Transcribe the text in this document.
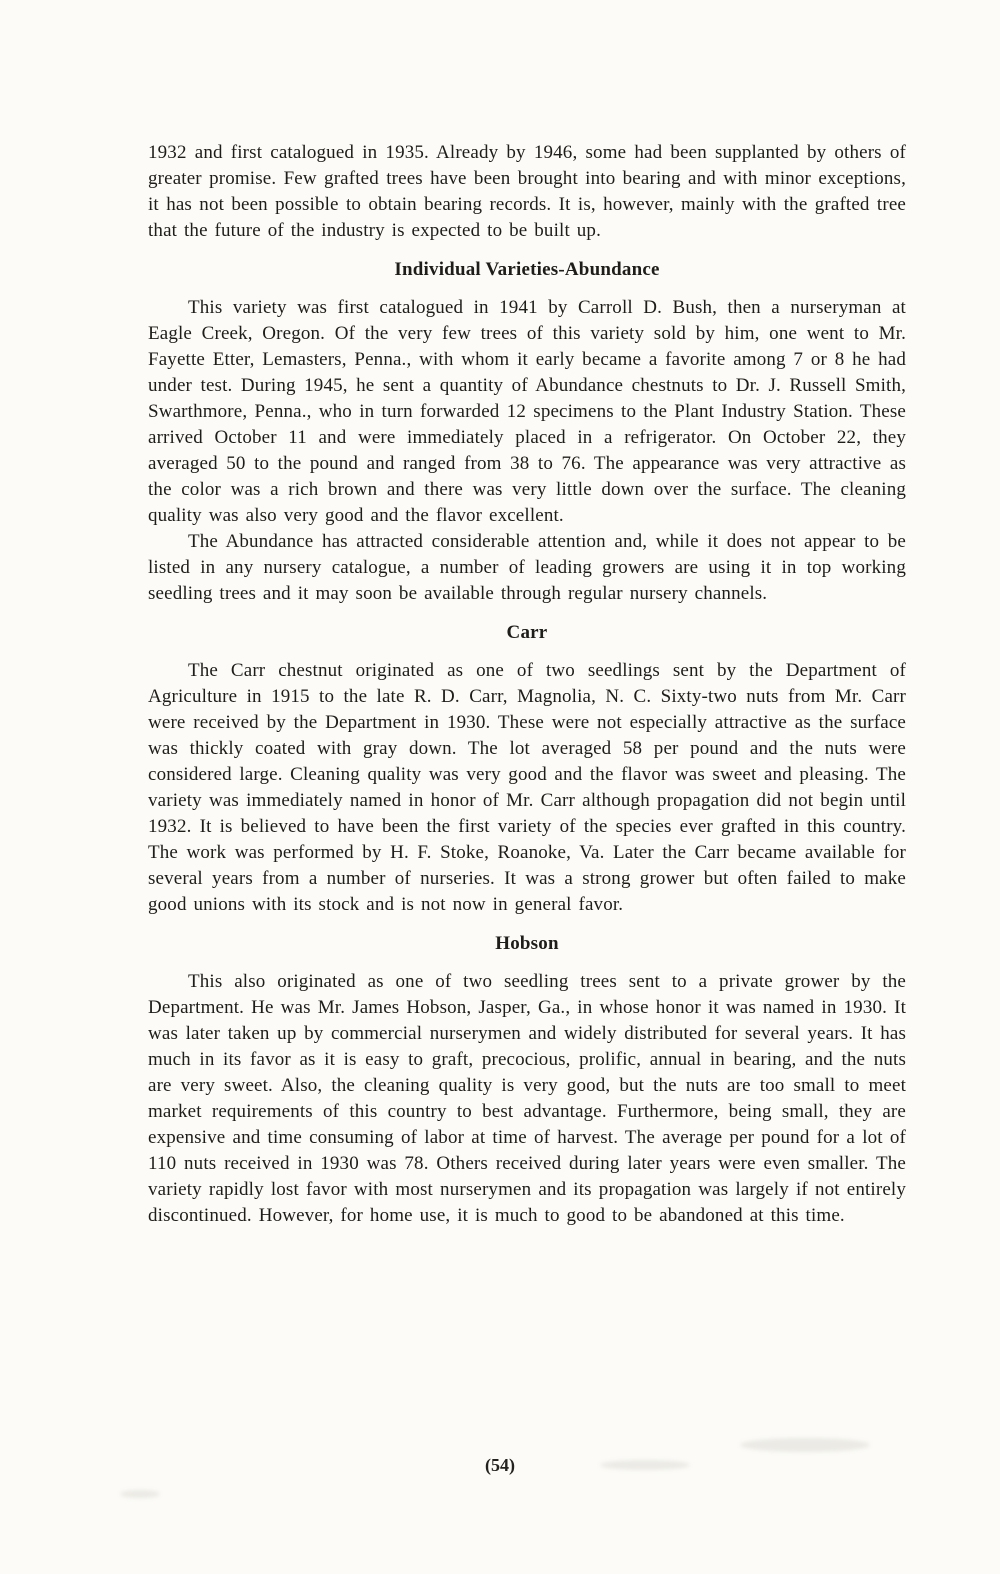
1932 and first catalogued in 1935. Already by 1946, some had been supplanted by others of greater promise. Few grafted trees have been brought into bearing and with minor exceptions, it has not been possible to obtain bearing records. It is, however, mainly with the grafted tree that the future of the industry is expected to be built up.

Individual Varieties-Abundance

This variety was first catalogued in 1941 by Carroll D. Bush, then a nurseryman at Eagle Creek, Oregon. Of the very few trees of this variety sold by him, one went to Mr. Fayette Etter, Lemasters, Penna., with whom it early became a favorite among 7 or 8 he had under test. During 1945, he sent a quantity of Abundance chestnuts to Dr. J. Russell Smith, Swarthmore, Penna., who in turn forwarded 12 specimens to the Plant Industry Station. These arrived October 11 and were immediately placed in a refrigerator. On October 22, they averaged 50 to the pound and ranged from 38 to 76. The appearance was very attractive as the color was a rich brown and there was very little down over the surface. The cleaning quality was also very good and the flavor excellent.

The Abundance has attracted considerable attention and, while it does not appear to be listed in any nursery catalogue, a number of leading growers are using it in top working seedling trees and it may soon be available through regular nursery channels.

Carr

The Carr chestnut originated as one of two seedlings sent by the Department of Agriculture in 1915 to the late R. D. Carr, Magnolia, N. C. Sixty-two nuts from Mr. Carr were received by the Department in 1930. These were not especially attractive as the surface was thickly coated with gray down. The lot averaged 58 per pound and the nuts were considered large. Cleaning quality was very good and the flavor was sweet and pleasing. The variety was immediately named in honor of Mr. Carr although propagation did not begin until 1932. It is believed to have been the first variety of the species ever grafted in this country. The work was performed by H. F. Stoke, Roanoke, Va. Later the Carr became available for several years from a number of nurseries. It was a strong grower but often failed to make good unions with its stock and is not now in general favor.

Hobson

This also originated as one of two seedling trees sent to a private grower by the Department. He was Mr. James Hobson, Jasper, Ga., in whose honor it was named in 1930. It was later taken up by commercial nurserymen and widely distributed for several years. It has much in its favor as it is easy to graft, precocious, prolific, annual in bearing, and the nuts are very sweet. Also, the cleaning quality is very good, but the nuts are too small to meet market requirements of this country to best advantage. Furthermore, being small, they are expensive and time consuming of labor at time of harvest. The average per pound for a lot of 110 nuts received in 1930 was 78. Others received during later years were even smaller. The variety rapidly lost favor with most nurserymen and its propagation was largely if not entirely discontinued. However, for home use, it is much to good to be abandoned at this time.

(54)
